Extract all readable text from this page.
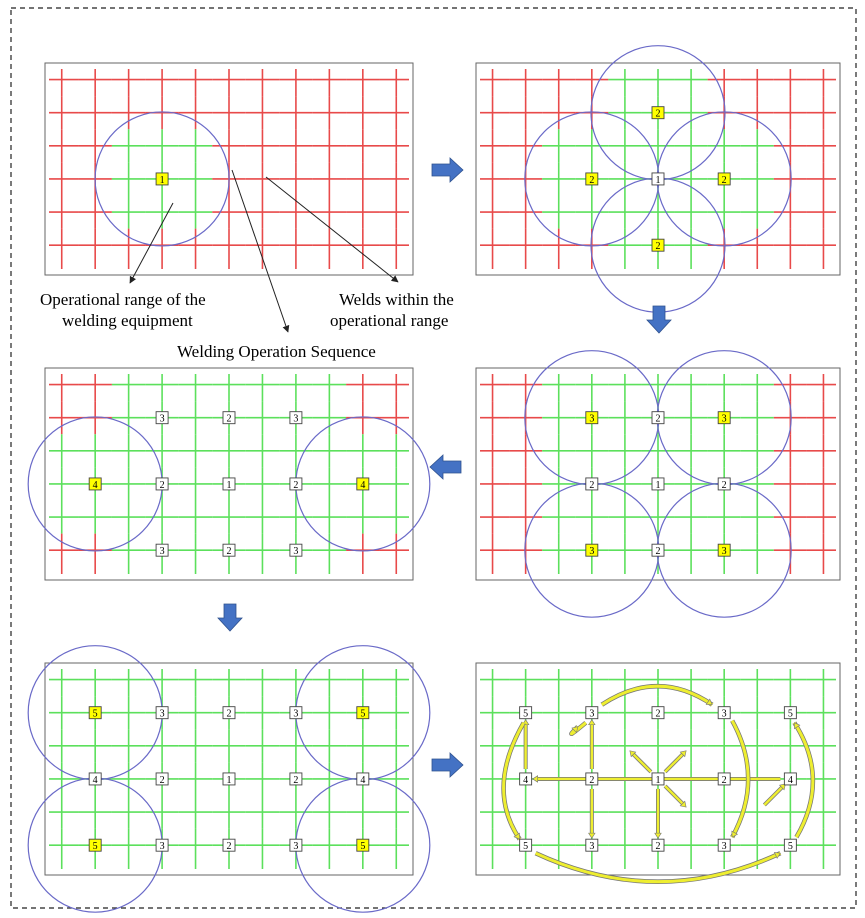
1	1
2
2	2
2
2
2	1	2
2
3	3
3	3
3	2	3
2	1	2
3	2	3
4	4
3	2	3
4	2	1	2	4
3	2	3
5	5
5	5
5	3	2	3	5
4	2	1	2	4
5	3	2	3	5
Operational range of the
welding equipment
Welds within the
operational range
Welding Operation Sequence
